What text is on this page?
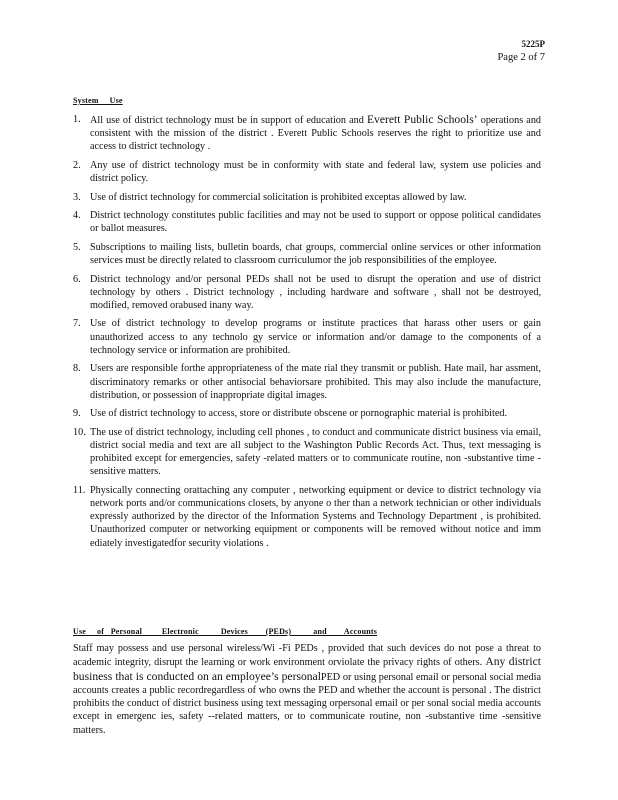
5225P
Page 2 of 7
System     Use
1. All use of district technology must be in support of education and Everett Public Schools’ operations and consistent with the mission of the district . Everett Public Schools reserves the right to prioritize use and access to district technology .
2. Any use of district technology must be in conformity with state and federal law, system use policies and district policy.
3. Use of district technology for commercial solicitation is prohibited exceptas allowed by law.
4. District technology constitutes public facilities and may not be used to support or oppose political candidates or ballot measures.
5. Subscriptions to mailing lists, bulletin boards, chat groups, commercial online services or other information services must be directly related to classroom curriculumor the job responsibilities of the employee.
6. District technology and/or personal PEDs shall not be used to disrupt the operation and use of district technology by others . District technology , including hardware and software , shall not be destroyed, modified, removed orabused inany way.
7. Use of district technology to develop programs or institute practices that harass other users or gain unauthorized access to any technolo gy service or information and/or damage to the components of a technology service or information are prohibited.
8. Users are responsible forthe appropriateness of the mate rial they transmit or publish. Hate mail, har assment, discriminatory remarks or other antisocial behaviorsare prohibited. This may also include the manufacture, distribution, or possession of inappropriate digital images.
9. Use of district technology to access, store or distribute obscene or pornographic material is prohibited.
10. The use of district technology, including cell phones , to conduct and communicate district business via email, district social media and text are all subject to the Washington Public Records Act. Thus, text messaging is prohibited except for emergencies, safety -related matters or to communicate routine, non -substantive time -sensitive matters.
11. Physically connecting orattaching any computer , networking equipment or device to district technology via network ports and/or communications closets, by anyone o ther than a network technician or other individuals expressly authorized by the director of the Information Systems and Technology Department , is prohibited. Unauthorized computer or networking equipment or components will be removed without notice and imm ediately investigatedfor security violations .
Use     of   Personal         Electronic          Devices        (PEDs)          and        Accounts
Staff may possess and use personal wireless/Wi -Fi PEDs , provided that such devices do not pose a threat to academic integrity, disrupt the learning or work environment orviolate the privacy rights of others. Any district business that is conducted on an employee’s personalPED or using personal email or personal social media accounts creates a public recordregardless of who owns the PED and whether the account is personal . The district prohibits the conduct of district business using text messaging orpersonal email or per sonal social media accounts except in emergenc ies, safety --related matters, or to communicate routine, non -substantive time -sensitive matters.
